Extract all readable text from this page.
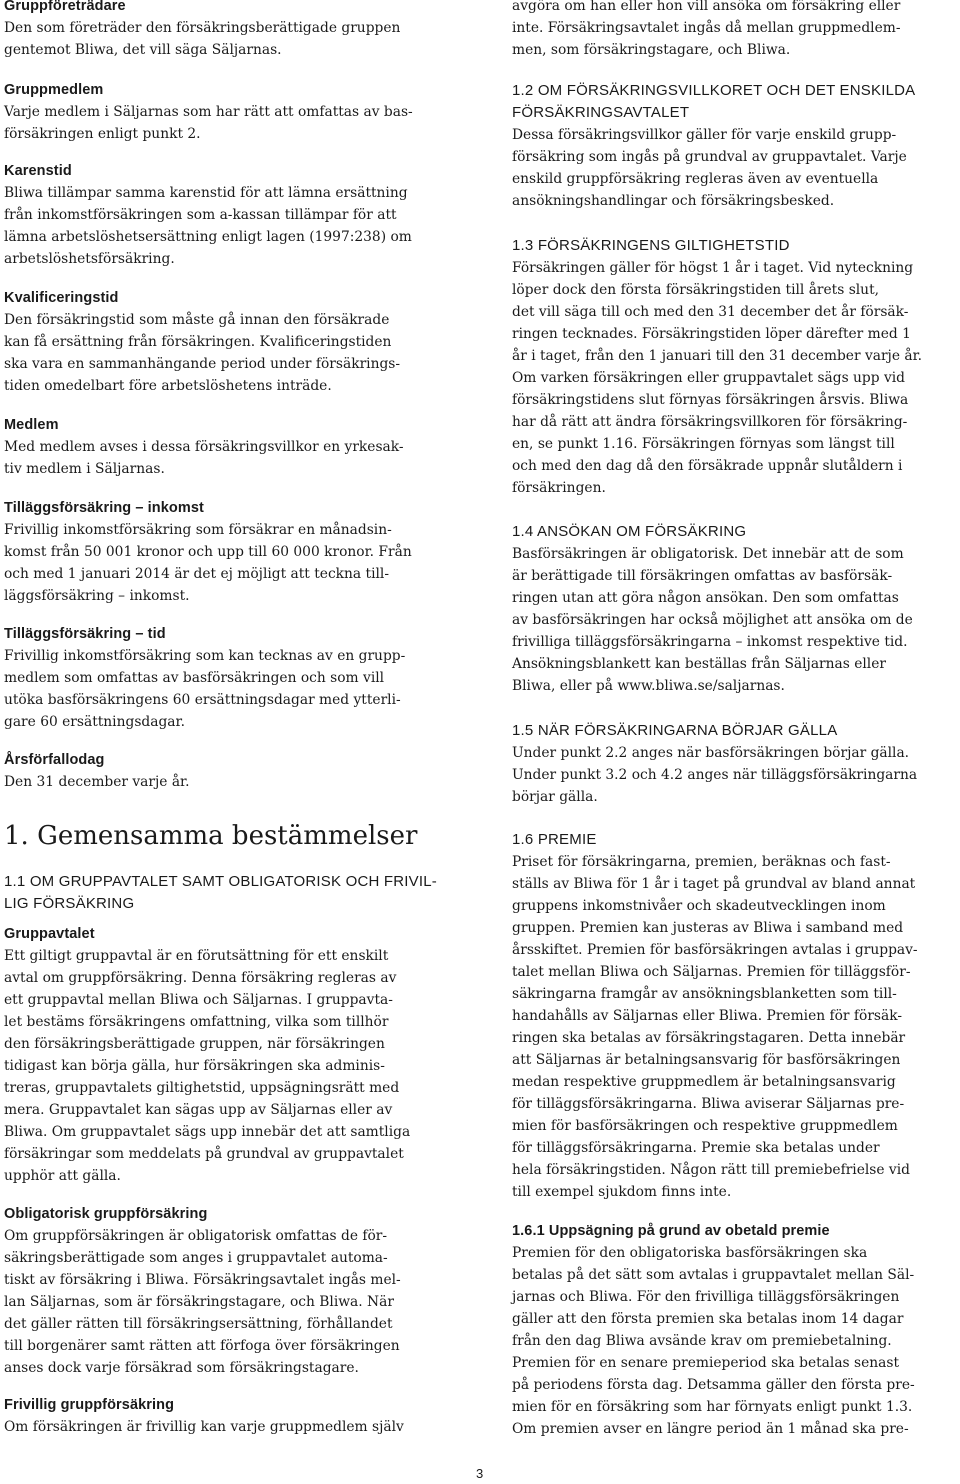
Gruppföreträdare
Den som företräder den försäkringsberättigade gruppen
gentemot Bliwa, det vill säga Säljarnas.
Gruppmedlem
Varje medlem i Säljarnas som har rätt att omfattas av bas-
försäkringen enligt punkt 2.
Karenstid
Bliwa tillämpar samma karenstid för att lämna ersättning
från inkomstförsäkringen som a-kassan tillämpar för att
lämna arbetslöshetsersättning enligt lagen (1997:238) om
arbetslöshetsförsäkring.
Kvalificeringstid
Den försäkringstid som måste gå innan den försäkrade
kan få ersättning från försäkringen. Kvalificeringstiden
ska vara en sammanhängande period under försäkrings-
tiden omedelbart före arbetslöshetens inträde.
Medlem
Med medlem avses i dessa försäkringsvillkor en yrkesak-
tiv medlem i Säljarnas.
Tilläggsförsäkring – inkomst
Frivillig inkomstförsäkring som försäkrar en månadsin-
komst från 50 001 kronor och upp till 60 000 kronor. Från
och med 1 januari 2014 är det ej möjligt att teckna till-
läggsförsäkring – inkomst.
Tilläggsförsäkring – tid
Frivillig inkomstförsäkring som kan tecknas av en grupp-
medlem som omfattas av basförsäkringen och som vill
utöka basförsäkringens 60 ersättningsdagar med ytterli-
gare 60 ersättningsdagar.
Årsförfallodag
Den 31 december varje år.
1. Gemensamma bestämmelser
1.1 OM GRUPPAVTALET SAMT OBLIGATORISK OCH FRIVIL-
LIG FÖRSÄKRING
Gruppavtalet
Ett giltigt gruppavtal är en förutsättning för ett enskilt
avtal om gruppförsäkring. Denna försäkring regleras av
ett gruppavtal mellan Bliwa och Säljarnas. I gruppavta-
let bestäms försäkringens omfattning, vilka som tillhör
den försäkringsberättigade gruppen, när försäkringen
tidigast kan börja gälla, hur försäkringen ska adminis-
treras, gruppavtalets giltighetstid, uppsägningsrätt med
mera. Gruppavtalet kan sägas upp av Säljarnas eller av
Bliwa. Om gruppavtalet sägs upp innebär det att samtliga
försäkringar som meddelats på grundval av gruppavtalet
upphör att gälla.
Obligatorisk gruppförsäkring
Om gruppförsäkringen är obligatorisk omfattas de för-
säkringsberättigade som anges i gruppavtalet automa-
tiskt av försäkring i Bliwa. Försäkringsavtalet ingås mel-
lan Säljarnas, som är försäkringstagare, och Bliwa. När
det gäller rätten till försäkringsersättning, förhållandet
till borgenärer samt rätten att förfoga över försäkringen
anses dock varje försäkrad som försäkringstagare.
Frivillig gruppförsäkring
Om försäkringen är frivillig kan varje gruppmedlem själv
avgöra om han eller hon vill ansöka om försäkring eller
inte. Försäkringsavtalet ingås då mellan gruppmedlem-
men, som försäkringstagare, och Bliwa.
1.2 OM FÖRSÄKRINGSVILLKORET OCH DET ENSKILDA
FÖRSÄKRINGSAVTALET
Dessa försäkringsvillkor gäller för varje enskild grupp-
försäkring som ingås på grundval av gruppavtalet. Varje
enskild gruppförsäkring regleras även av eventuella
ansökningshandlingar och försäkringsbesked.
1.3 FÖRSÄKRINGENS GILTIGHETSTID
Försäkringen gäller för högst 1 år i taget. Vid nyteckning
löper dock den första försäkringstiden till årets slut,
det vill säga till och med den 31 december det år försäk-
ringen tecknades. Försäkringstiden löper därefter med 1
år i taget, från den 1 januari till den 31 december varje år.
Om varken försäkringen eller gruppavtalet sägs upp vid
försäkringstidens slut förnyas försäkringen årsvis. Bliwa
har då rätt att ändra försäkringsvillkoren för försäkring-
en, se punkt 1.16. Försäkringen förnyas som längst till
och med den dag då den försäkrade uppnår slutåldern i
försäkringen.
1.4 ANSÖKAN OM FÖRSÄKRING
Basförsäkringen är obligatorisk. Det innebär att de som
är berättigade till försäkringen omfattas av basförsäk-
ringen utan att göra någon ansökan. Den som omfattas
av basförsäkringen har också möjlighet att ansöka om de
frivilliga tilläggsförsäkringarna – inkomst respektive tid.
Ansökningsblankett kan beställas från Säljarnas eller
Bliwa, eller på www.bliwa.se/saljarnas.
1.5 NÄR FÖRSÄKRINGARNA BÖRJAR GÄLLA
Under punkt 2.2 anges när basförsäkringen börjar gälla.
Under punkt 3.2 och 4.2 anges när tilläggsförsäkringarna
börjar gälla.
1.6 PREMIE
Priset för försäkringarna, premien, beräknas och fast-
ställs av Bliwa för 1 år i taget på grundval av bland annat
gruppens inkomstnivåer och skadeutvecklingen inom
gruppen. Premien kan justeras av Bliwa i samband med
årsskiftet. Premien för basförsäkringen avtalas i gruppav-
talet mellan Bliwa och Säljarnas. Premien för tilläggsför-
säkringarna framgår av ansökningsblanketten som till-
handahålls av Säljarnas eller Bliwa. Premien för försäk-
ringen ska betalas av försäkringstagaren. Detta innebär
att Säljarnas är betalningsansvarig för basförsäkringen
medan respektive gruppmedlem är betalningsansvarig
för tilläggsförsäkringarna. Bliwa aviserar Säljarnas pre-
mien för basförsäkringen och respektive gruppmedlem
för tilläggsförsäkringarna. Premie ska betalas under
hela försäkringstiden. Någon rätt till premiebefrielse vid
till exempel sjukdom finns inte.
1.6.1 Uppsägning på grund av obetald premie
Premien för den obligatoriska basförsäkringen ska
betalas på det sätt som avtalas i gruppavtalet mellan Säl-
jarnas och Bliwa. För den frivilliga tilläggsförsäkringen
gäller att den första premien ska betalas inom 14 dagar
från den dag Bliwa avsände krav om premiebetalning.
Premien för en senare premieperiod ska betalas senast
på periodens första dag. Detsamma gäller den första pre-
mien för en försäkring som har förnyats enligt punkt 1.3.
Om premien avser en längre period än 1 månad ska pre-
3
